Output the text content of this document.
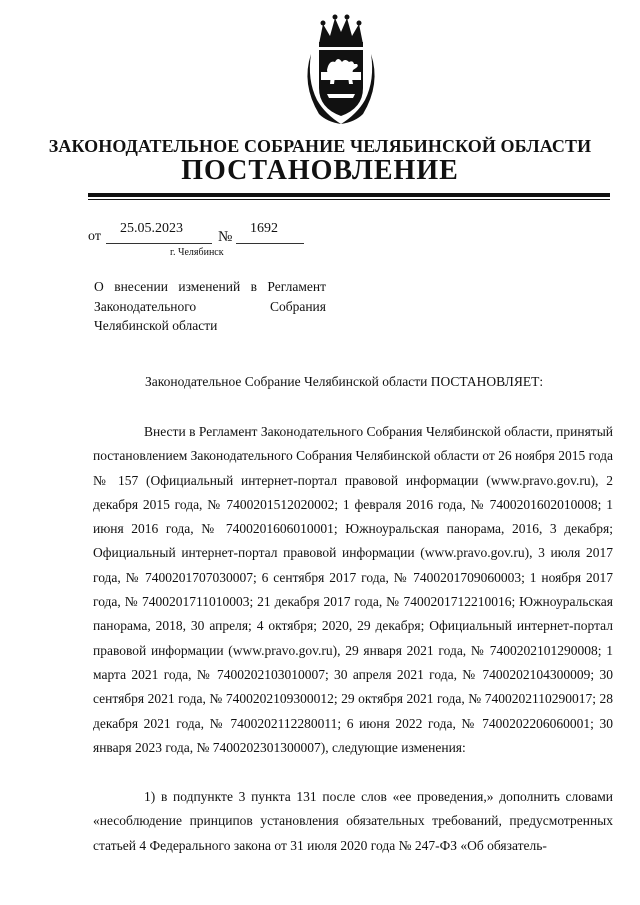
ЗАКОНОДАТЕЛЬНОЕ СОБРАНИЕ ЧЕЛЯБИНСКОЙ ОБЛАСТИ
ПОСТАНОВЛЕНИЕ
от
25.05.2023
№
1692
г. Челябинск
О внесении изменений в Регламент Законодательного Собрания Челябинской области
Законодательное Собрание Челябинской области ПОСТАНОВЛЯЕТ:

Внести в Регламент Законодательного Собрания Челябинской области, принятый постановлением Законодательного Собрания Челябинской области от 26 ноября 2015 года № 157 (Официальный интернет-портал правовой информации (www.pravo.gov.ru), 2 декабря 2015 года, № 7400201512020002; 1 февраля 2016 года, № 7400201602010008; 1 июня 2016 года, № 7400201606010001; Южноуральская панорама, 2016, 3 декабря; Официальный интернет-портал правовой информации (www.pravo.gov.ru), 3 июля 2017 года, № 7400201707030007; 6 сентября 2017 года, № 7400201709060003; 1 ноября 2017 года, № 7400201711010003; 21 декабря 2017 года, № 7400201712210016; Южноуральская панорама, 2018, 30 апреля; 4 октября; 2020, 29 декабря; Официальный интернет-портал правовой информации (www.pravo.gov.ru), 29 января 2021 года, № 7400202101290008; 1 марта 2021 года, № 7400202103010007; 30 апреля 2021 года, № 7400202104300009; 30 сентября 2021 года, № 7400202109300012; 29 октября 2021 года, № 7400202110290017; 28 декабря 2021 года, № 7400202112280011; 6 июня 2022 года, № 7400202206060001; 30 января 2023 года, № 7400202301300007), следующие изменения:

1) в подпункте 3 пункта 131 после слов «ее проведения,» дополнить словами «несоблюдение принципов установления обязательных требований, предусмотренных статьей 4 Федерального закона от 31 июля 2020 года № 247-ФЗ «Об обязатель-
